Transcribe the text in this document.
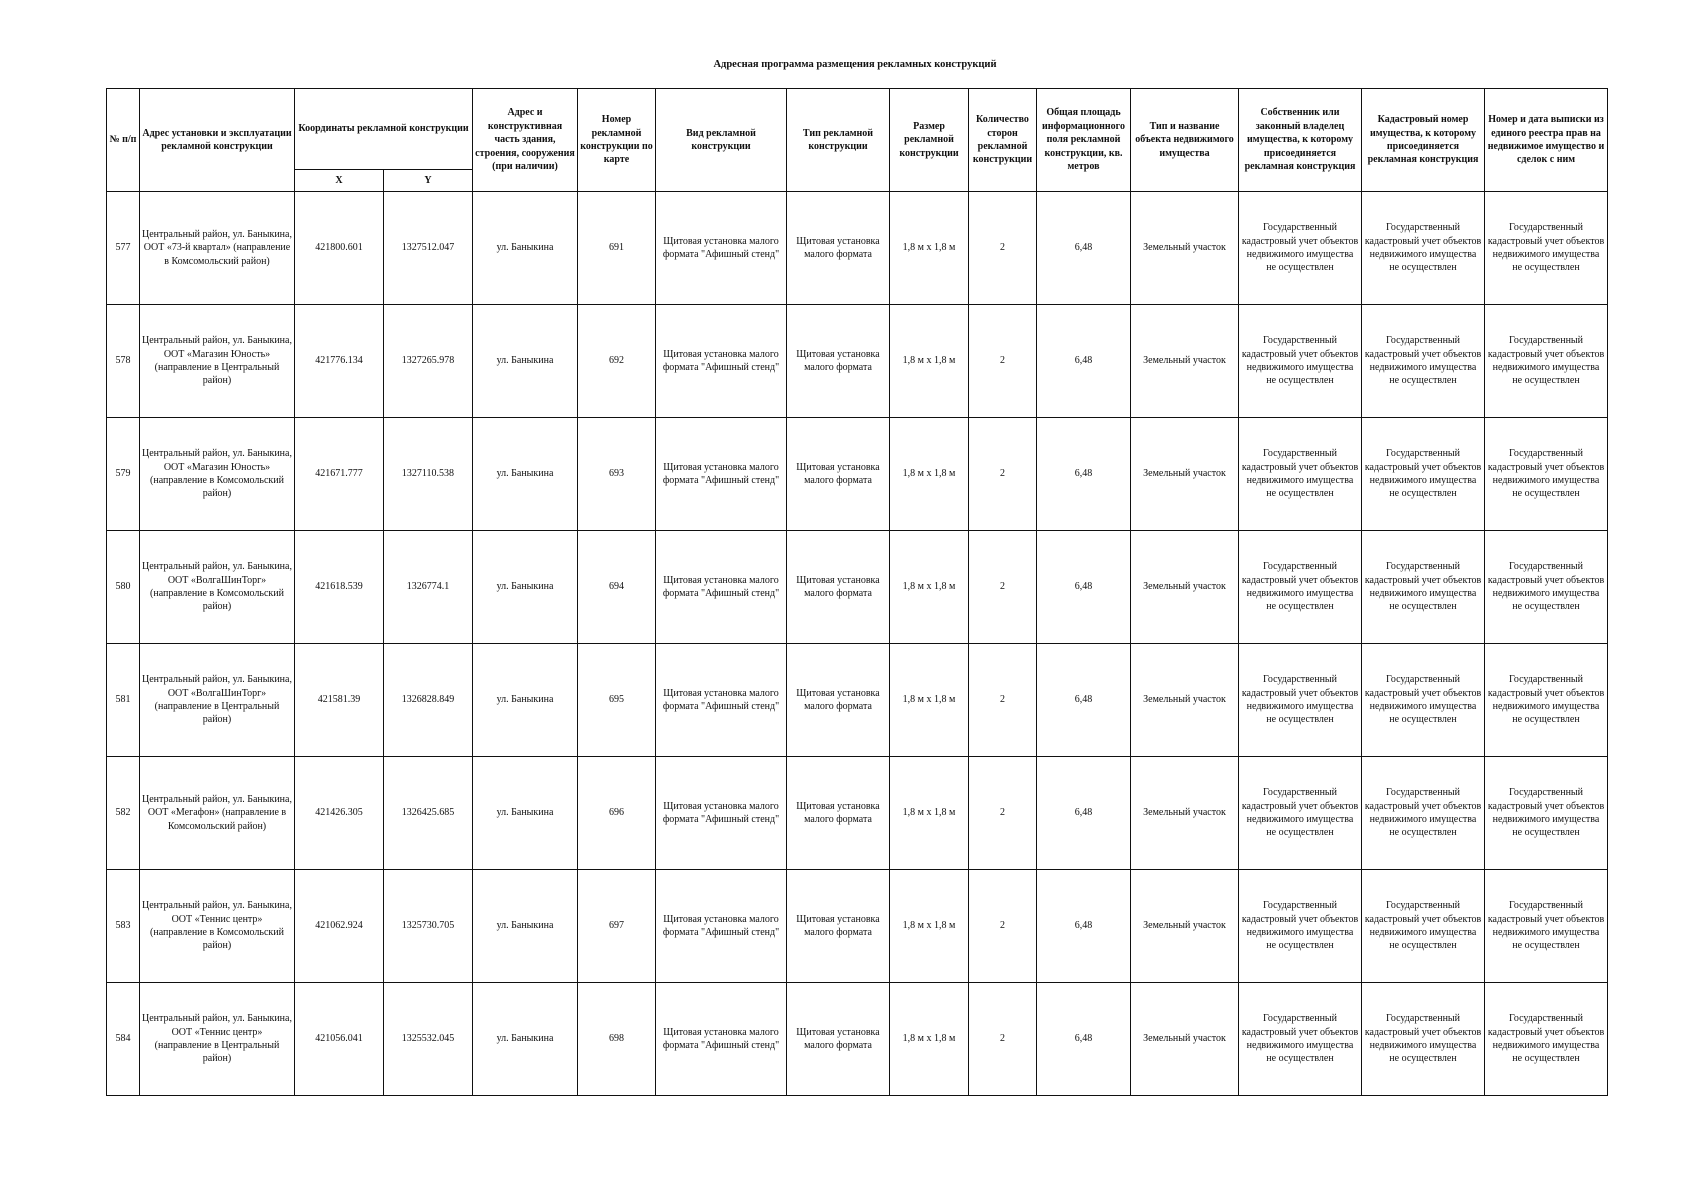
Адресная программа размещения рекламных конструкций
№ п/п	Адрес установки и эксплуатации рекламной конструкции	Координаты рекламной конструкции		Адрес и конструктивная часть здания, строения, сооружения (при наличии)	Номер рекламной конструкции по карте	Вид рекламной конструкции	Тип рекламной конструкции	Размер рекламной конструкции	Количество сторон рекламной конструкции	Общая площадь информационного поля рекламной конструкции, кв. метров	Тип и название объекта недвижимого имущества	Собственник или законный владелец имущества, к которому присоединяется рекламная конструкция	Кадастровый номер имущества, к которому присоединяется рекламная конструкция	Номер и дата выписки из единого реестра прав на недвижимое имущество и сделок с ним
		X	Y											
577	Центральный район, ул. Баныкина, ООТ «73-й квартал» (направление в Комсомольский район)	421800.601	1327512.047	ул. Баныкина	691	Щитовая установка малого формата "Афишный стенд"	Щитовая установка малого формата	1,8 м х 1,8 м	2	6,48	Земельный участок	Государственный кадастровый учет объектов недвижимого имущества не осуществлен	Государственный кадастровый учет объектов недвижимого имущества не осуществлен	Государственный кадастровый учет объектов недвижимого имущества не осуществлен
578	Центральный район, ул. Баныкина, ООТ «Магазин Юность» (направление в Центральный район)	421776.134	1327265.978	ул. Баныкина	692	Щитовая установка малого формата "Афишный стенд"	Щитовая установка малого формата	1,8 м х 1,8 м	2	6,48	Земельный участок	Государственный кадастровый учет объектов недвижимого имущества не осуществлен	Государственный кадастровый учет объектов недвижимого имущества не осуществлен	Государственный кадастровый учет объектов недвижимого имущества не осуществлен
579	Центральный район, ул. Баныкина, ООТ «Магазин Юность» (направление в Комсомольский район)	421671.777	1327110.538	ул. Баныкина	693	Щитовая установка малого формата "Афишный стенд"	Щитовая установка малого формата	1,8 м х 1,8 м	2	6,48	Земельный участок	Государственный кадастровый учет объектов недвижимого имущества не осуществлен	Государственный кадастровый учет объектов недвижимого имущества не осуществлен	Государственный кадастровый учет объектов недвижимого имущества не осуществлен
580	Центральный район, ул. Баныкина, ООТ «ВолгаШинТорг» (направление в Комсомольский район)	421618.539	1326774.1	ул. Баныкина	694	Щитовая установка малого формата "Афишный стенд"	Щитовая установка малого формата	1,8 м х 1,8 м	2	6,48	Земельный участок	Государственный кадастровый учет объектов недвижимого имущества не осуществлен	Государственный кадастровый учет объектов недвижимого имущества не осуществлен	Государственный кадастровый учет объектов недвижимого имущества не осуществлен
581	Центральный район, ул. Баныкина, ООТ «ВолгаШинТорг» (направление в Центральный район)	421581.39	1326828.849	ул. Баныкина	695	Щитовая установка малого формата "Афишный стенд"	Щитовая установка малого формата	1,8 м х 1,8 м	2	6,48	Земельный участок	Государственный кадастровый учет объектов недвижимого имущества не осуществлен	Государственный кадастровый учет объектов недвижимого имущества не осуществлен	Государственный кадастровый учет объектов недвижимого имущества не осуществлен
582	Центральный район, ул. Баныкина, ООТ «Мегафон» (направление в Комсомольский район)	421426.305	1326425.685	ул. Баныкина	696	Щитовая установка малого формата "Афишный стенд"	Щитовая установка малого формата	1,8 м х 1,8 м	2	6,48	Земельный участок	Государственный кадастровый учет объектов недвижимого имущества не осуществлен	Государственный кадастровый учет объектов недвижимого имущества не осуществлен	Государственный кадастровый учет объектов недвижимого имущества не осуществлен
583	Центральный район, ул. Баныкина, ООТ «Теннис центр» (направление в Комсомольский район)	421062.924	1325730.705	ул. Баныкина	697	Щитовая установка малого формата "Афишный стенд"	Щитовая установка малого формата	1,8 м х 1,8 м	2	6,48	Земельный участок	Государственный кадастровый учет объектов недвижимого имущества не осуществлен	Государственный кадастровый учет объектов недвижимого имущества не осуществлен	Государственный кадастровый учет объектов недвижимого имущества не осуществлен
584	Центральный район, ул. Баныкина, ООТ «Теннис центр» (направление в Центральный район)	421056.041	1325532.045	ул. Баныкина	698	Щитовая установка малого формата "Афишный стенд"	Щитовая установка малого формата	1,8 м х 1,8 м	2	6,48	Земельный участок	Государственный кадастровый учет объектов недвижимого имущества не осуществлен	Государственный кадастровый учет объектов недвижимого имущества не осуществлен	Государственный кадастровый учет объектов недвижимого имущества не осуществлен
